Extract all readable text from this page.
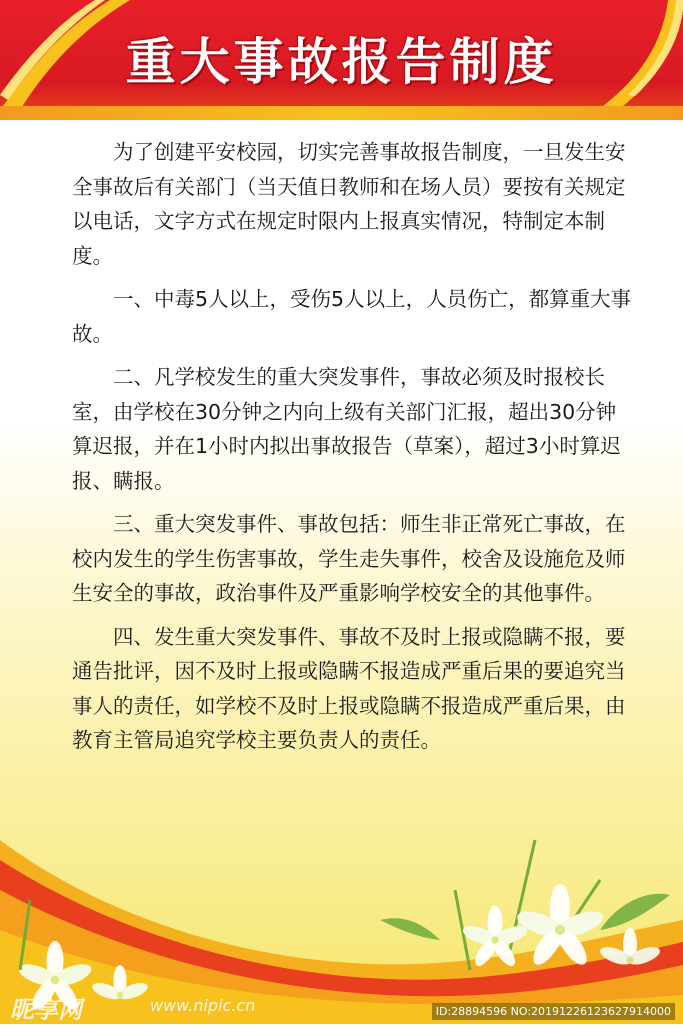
重大事故报告制度

为了创建平安校园，切实完善事故报告制度，一旦发生安全事故后有关部门（当天值日教师和在场人员）要按有关规定以电话，文字方式在规定时限内上报真实情况，特制定本制度。

一、中毒5人以上，受伤5人以上，人员伤亡，都算重大事故。

二、凡学校发生的重大突发事件，事故必须及时报校长室，由学校在30分钟之内向上级有关部门汇报，超出30分钟算迟报，并在1小时内拟出事故报告（草案），超过3小时算迟报、瞒报。

三、重大突发事件、事故包括：师生非正常死亡事故，在校内发生的学生伤害事故，学生走失事件，校舍及设施危及师生安全的事故，政治事件及严重影响学校安全的其他事件。

四、发生重大突发事件、事故不及时上报或隐瞒不报，要通告批评，因不及时上报或隐瞒不报造成严重后果的要追究当事人的责任，如学校不及时上报或隐瞒不报造成严重后果，由教育主管局追究学校主要负责人的责任。

昵享网	www.nipic.cn	ID:28894596 NO:20191226123627914000
